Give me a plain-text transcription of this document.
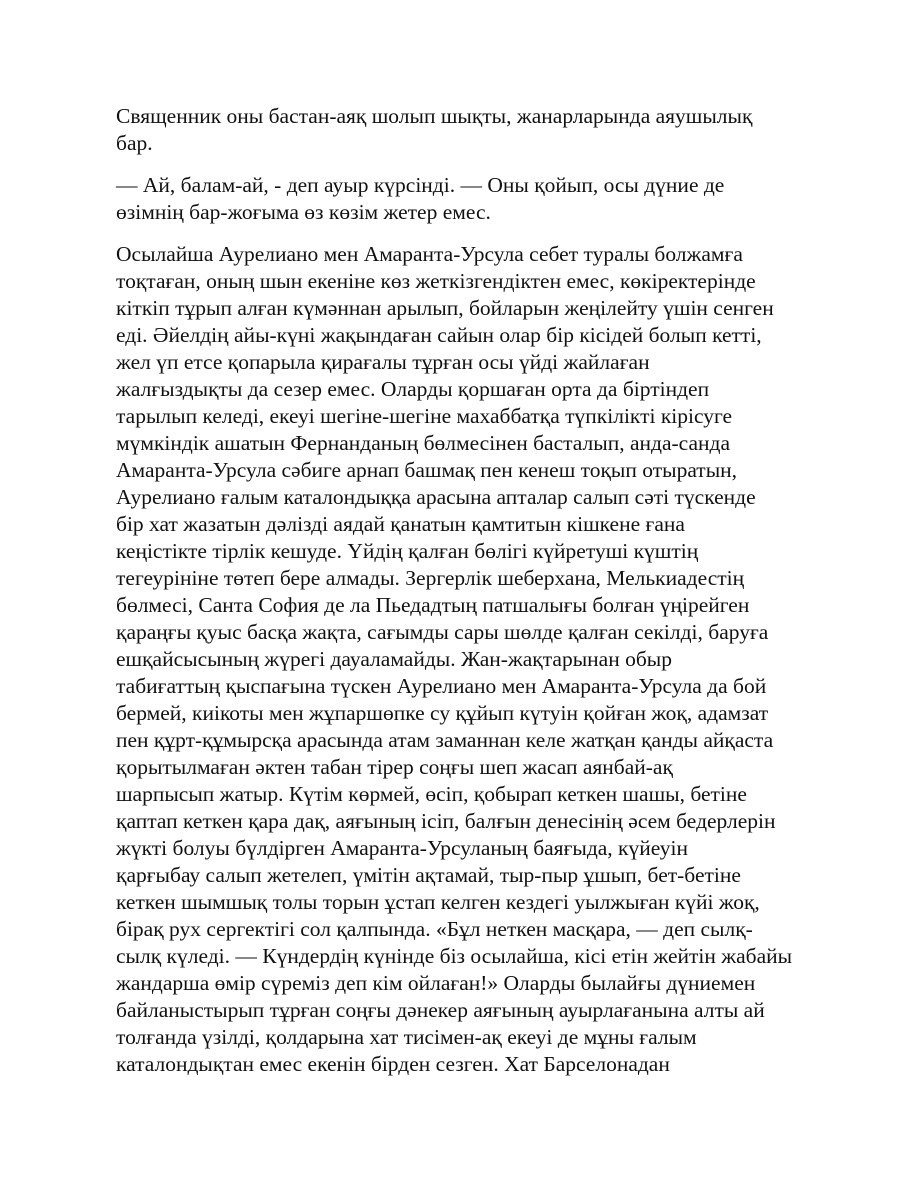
Священник оны бастан-аяқ шолып шықты, жанарларында аяушылық
бар.

— Ай, балам-ай, - деп ауыр күрсінді. — Оны қойып, осы дүние де
өзімнің бар-жоғыма өз көзім жетер емес.

Осылайша Аурелиано мен Амаранта-Урсула себет туралы болжамға
тоқтаған, оның шын екеніне көз жеткізгендіктен емес, көкіректерінде
кіткіп тұрып алған күмәннан арылып, бойларын жеңілейту үшін сенген
еді. Әйелдің айы-күні жақындаған сайын олар бір кісідей болып кетті,
жел үп етсе қопарыла қирағалы тұрған осы үйді жайлаған
жалғыздықты да сезер емес. Оларды қоршаған орта да біртіндеп
тарылып келеді, екеуі шегіне-шегіне махаббатқа түпкілікті кірісуге
мүмкіндік ашатын Фернанданың бөлмесінен басталып, анда-санда
Амаранта-Урсула сәбиге арнап башмақ пен кенеш тоқып отыратын,
Аурелиано ғалым каталондыққа арасына апталар салып сәті түскенде
бір хат жазатын дәлізді аядай қанатын қамтитын кішкене ғана
кеңістікте тірлік кешуде. Үйдің қалған бөлігі күйретуші күштің
тегеурініне төтеп бере алмады. Зергерлік шеберхана, Мелькиадестің
бөлмесі, Санта София де ла Пьедадтың патшалығы болған үңірейген
қараңғы қуыс басқа жақта, сағымды сары шөлде қалған секілді, баруға
ешқайсысының жүрегі дауаламайды. Жан-жақтарынан обыр
табиғаттың қыспағына түскен Аурелиано мен Амаранта-Урсула да бой
бермей, киікоты мен жұпаршөпке су құйып күтуін қойған жоқ, адамзат
пен құрт-құмырсқа арасында атам заманнан келе жатқан қанды айқаста
қорытылмаған әктен табан тірер соңғы шеп жасап аянбай-ақ
шарпысып жатыр. Күтім көрмей, өсіп, қобырап кеткен шашы, бетіне
қаптап кеткен қара дақ, аяғының ісіп, балғын денесінің әсем бедерлерін
жүкті болуы бүлдірген Амаранта-Урсуланың баяғыда, күйеуін
қарғыбау салып жетелеп, үмітін ақтамай, тыр-пыр ұшып, бет-бетіне
кеткен шымшық толы торын ұстап келген кездегі уылжыған күйі жоқ,
бірақ рух сергектігі сол қалпында. «Бұл неткен масқара, — деп сылқ-
сылқ күледі. — Күндердің күнінде біз осылайша, кісі етін жейтін жабайы
жандарша өмір сүреміз деп кім ойлаған!» Оларды былайғы дүниемен
байланыстырып тұрған соңғы дәнекер аяғының ауырлағанына алты ай
толғанда үзілді, қолдарына хат тисімен-ақ екеуі де мұны ғалым
каталондықтан емес екенін бірден сезген. Хат Барселонадан
